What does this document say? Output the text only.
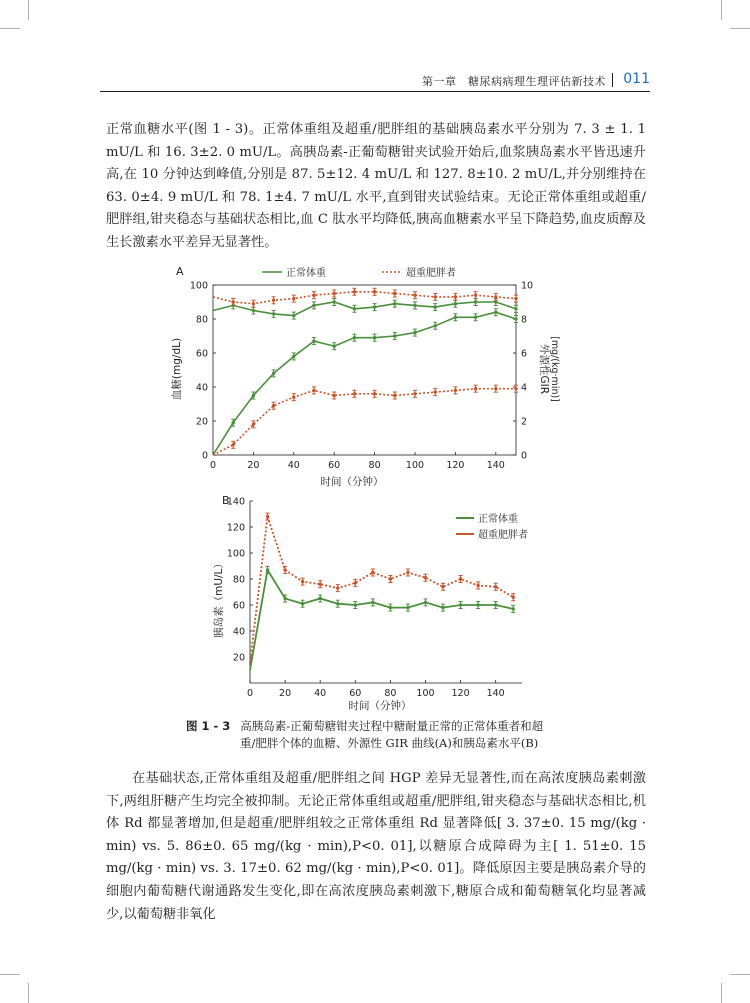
第一章　糖尿病病理生理评估新技术 011
正常血糖水平(图 1 - 3)。正常体重组及超重/肥胖组的基础胰岛素水平分别为 7. 3 ± 1. 1 mU/L 和 16. 3±2. 0 mU/L。高胰岛素-正葡萄糖钳夹试验开始后,血浆胰岛素水平皆迅速升高,在 10 分钟达到峰值,分别是 87. 5±12. 4 mU/L 和 127. 8±10. 2 mU/L,并分别维持在 63. 0±4. 9 mU/L 和 78. 1±4. 7 mU/L 水平,直到钳夹试验结束。无论正常体重组或超重/肥胖组,钳夹稳态与基础状态相比,血 C 肽水平均降低,胰高血糖素水平呈下降趋势,血皮质醇及生长激素水平差异无显著性。
A	正常体重	超重肥胖者
时间（分钟）
血糖(mg/dL)	外源性GIR [mg/(kg·min)]
0	20	40	60	80	100 120 140
0
20
40
60
80
100
0
2
4
6
8
10
B
正常体重
超重肥胖者
时间（分钟）
胰岛素（mU/L）
0	20 40 60 80 100 120 140
20
40
60
80
100
120
140
图 1 - 3 高胰岛素-正葡萄糖钳夹过程中糖耐量正常的正常体重者和超
重/肥胖个体的血糖、外源性 GIR 曲线(A)和胰岛素水平(B)
在基础状态,正常体重组及超重/肥胖组之间 HGP 差异无显著性,而在高浓度胰岛素刺激下,两组肝糖产生均完全被抑制。无论正常体重组或超重/肥胖组,钳夹稳态与基础状态相比,机体 Rd 都显著增加,但是超重/肥胖组较之正常体重组 Rd 显著降低[ 3. 37±0. 15 mg/(kg · min) vs. 5. 86±0. 65 mg/(kg · min),P<0. 01],以糖原合成障碍为主[ 1. 51±0. 15 mg/(kg · min) vs. 3. 17±0. 62 mg/(kg · min),P<0. 01]。降低原因主要是胰岛素介导的细胞内葡萄糖代谢通路发生变化,即在高浓度胰岛素刺激下,糖原合成和葡萄糖氧化均显著减少,以葡萄糖非氧化
